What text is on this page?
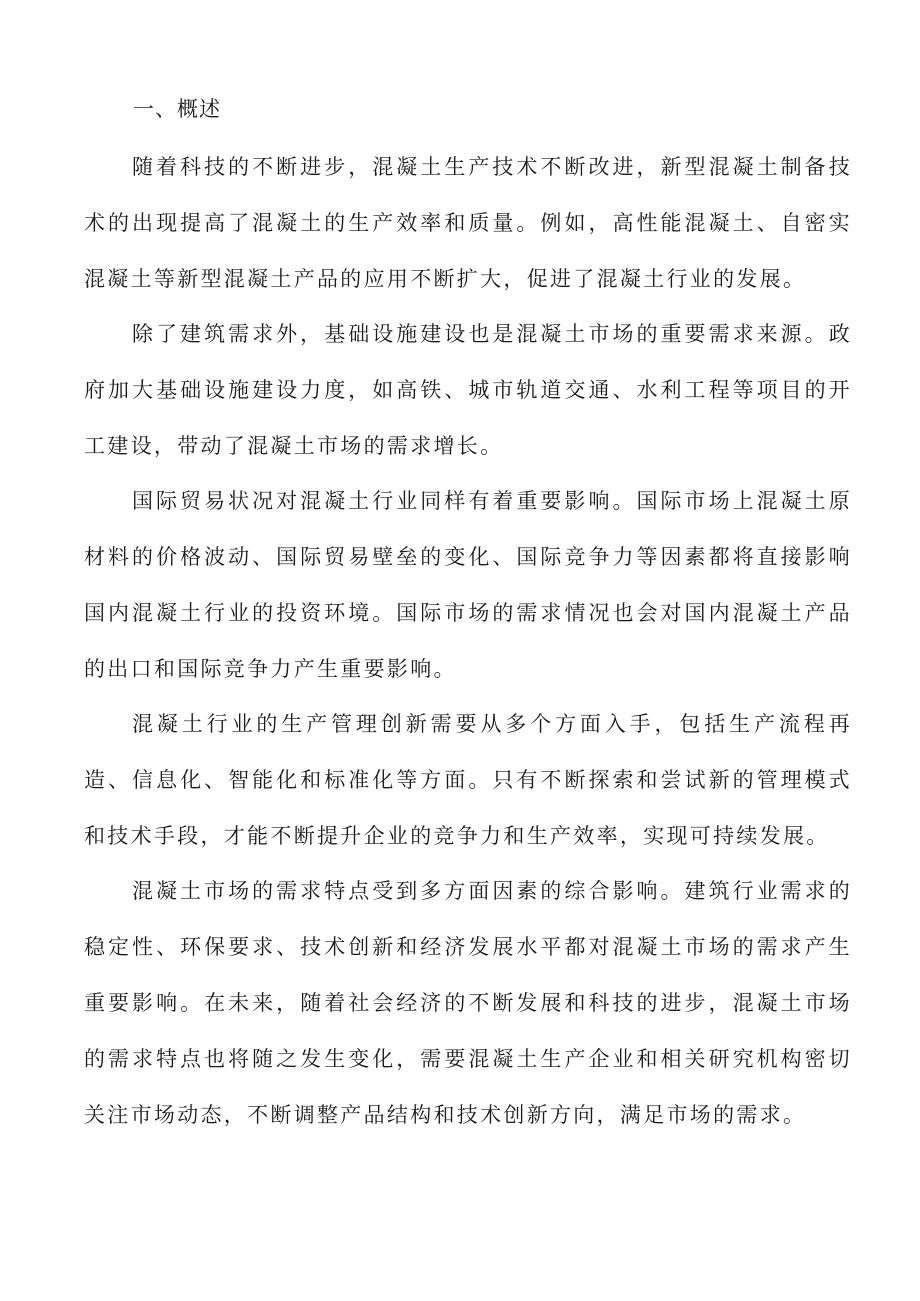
一、概述

随着科技的不断进步，混凝土生产技术不断改进，新型混凝土制备技术的出现提高了混凝土的生产效率和质量。例如，高性能混凝土、自密实混凝土等新型混凝土产品的应用不断扩大，促进了混凝土行业的发展。

除了建筑需求外，基础设施建设也是混凝土市场的重要需求来源。政府加大基础设施建设力度，如高铁、城市轨道交通、水利工程等项目的开工建设，带动了混凝土市场的需求增长。

国际贸易状况对混凝土行业同样有着重要影响。国际市场上混凝土原材料的价格波动、国际贸易壁垒的变化、国际竞争力等因素都将直接影响国内混凝土行业的投资环境。国际市场的需求情况也会对国内混凝土产品的出口和国际竞争力产生重要影响。

混凝土行业的生产管理创新需要从多个方面入手，包括生产流程再造、信息化、智能化和标准化等方面。只有不断探索和尝试新的管理模式和技术手段，才能不断提升企业的竞争力和生产效率，实现可持续发展。

混凝土市场的需求特点受到多方面因素的综合影响。建筑行业需求的稳定性、环保要求、技术创新和经济发展水平都对混凝土市场的需求产生重要影响。在未来，随着社会经济的不断发展和科技的进步，混凝土市场的需求特点也将随之发生变化，需要混凝土生产企业和相关研究机构密切关注市场动态，不断调整产品结构和技术创新方向，满足市场的需求。
